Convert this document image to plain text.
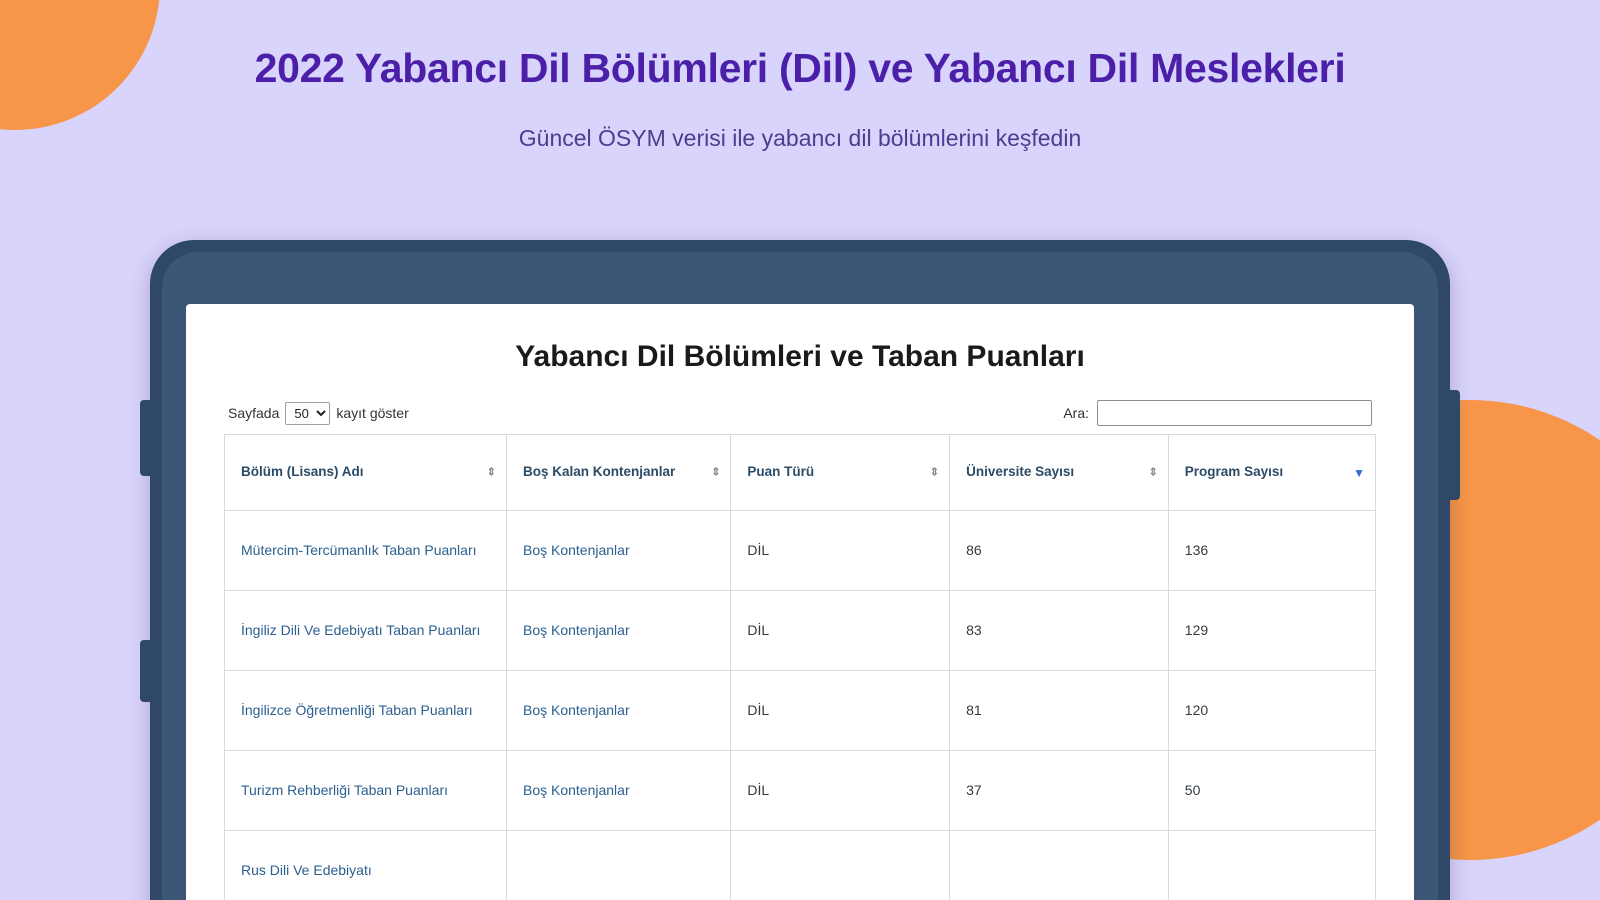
2022 Yabancı Dil Bölümleri (Dil) ve Yabancı Dil Meslekleri

Güncel ÖSYM verisi ile yabancı dil bölümlerini keşfedin

Yabancı Dil Bölümleri ve Taban Puanları
Sayfada
50	kayıt göster	Ara:
Bölüm (Lisans) Adı ⇕	Boş Kalan Kontenjanlar ⇕	Puan Türü ⇕	Üniversite Sayısı ⇕	Program Sayısı ▼

Mütercim-Tercümanlık Taban Puanları	Boş Kontenjanlar	DİL	86	136
İngiliz Dili Ve Edebiyatı Taban Puanları	Boş Kontenjanlar	DİL	83	129
İngilizce Öğretmenliği Taban Puanları	Boş Kontenjanlar	DİL	81	120
Turizm Rehberliği Taban Puanları	Boş Kontenjanlar	DİL	37	50
Rus Dili Ve Edebiyatı				
